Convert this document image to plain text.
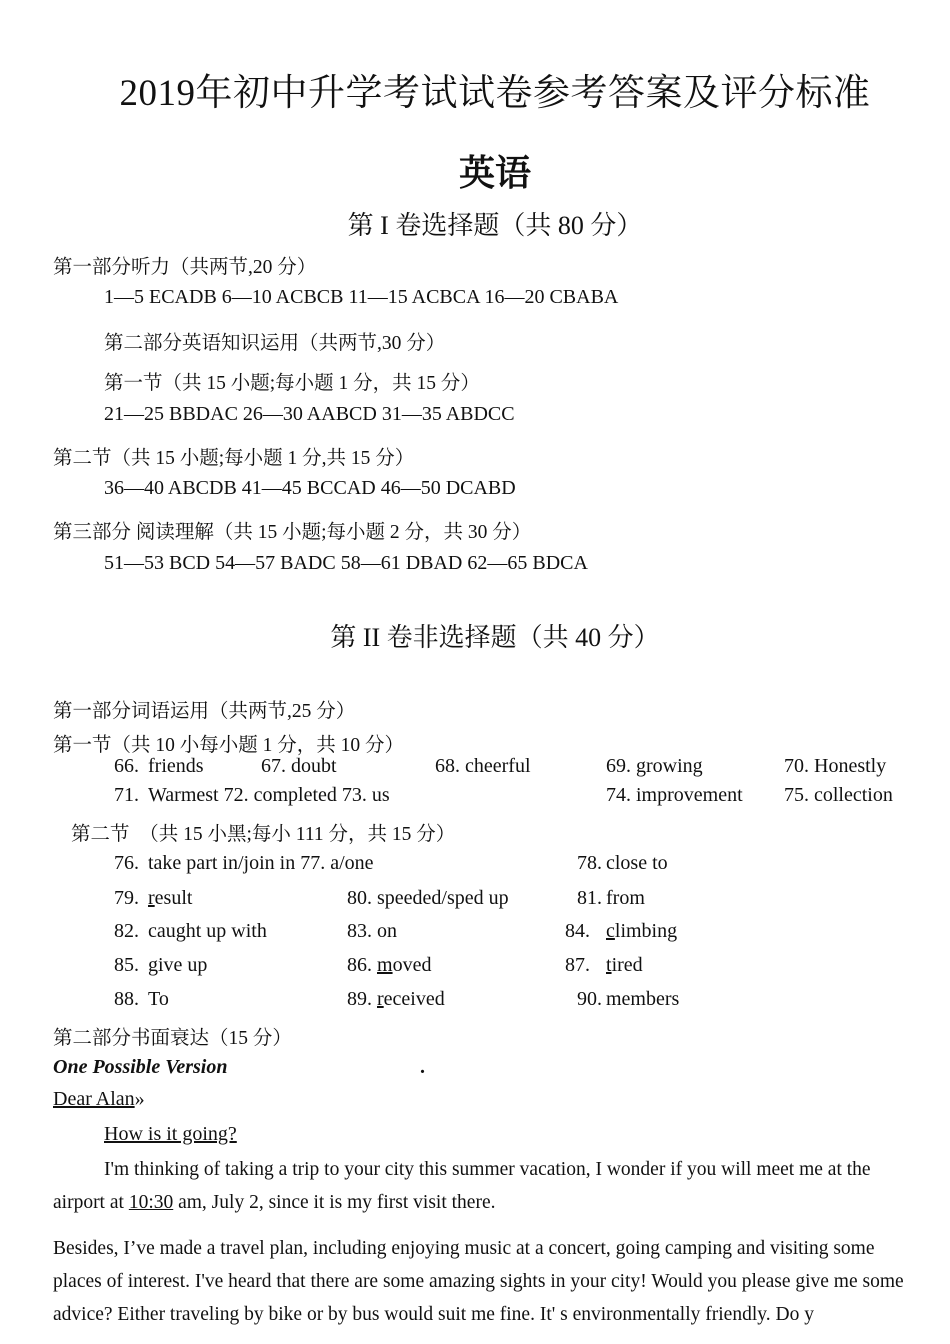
2019年初中升学考试试卷参考答案及评分标准
英语
第 I 卷选择题（共 80 分）
第一部分听力（共两节,20 分）
1—5 ECADB 6—10 ACBCB 11—15 ACBCA 16—20 CBABA
第二部分英语知识运用（共两节,30 分）
第一节（共 15 小题;每小题 1 分，共 15 分）
21—25 BBDAC 26—30 AABCD 31—35 ABDCC
第二节（共 15 小题;每小题 1 分,共 15 分）
36—40 ABCDB 41—45 BCCAD 46—50 DCABD
第三部分 阅读理解（共 15 小题;每小题 2 分，共 30 分）
51—53 BCD 54—57 BADC 58—61 DBAD 62—65 BDCA
第 II 卷非选择题（共 40 分）
第一部分词语运用（共两节,25 分）
第一节（共 10 小每小题 1 分，共 10 分）
66. friends	67. doubt	68. cheerful	69. growing	70. Honestly
71. Warmest 72. completed 73. us	74. improvement 75. collection
第二节　（共 15 小黑;每小 111 分，共 15 分）
76. take part in/join in 77. a/one	78. close to
79. result	80. speeded/sped up	81. from
82. caught up with	83. on	84. climbing
85. give up	86. moved	87. tired
88. To	89. received	90. members
第二部分书面衰达（15 分）
One Possible Version	.
Dear Alan»
How is it going?
I'm thinking of taking a trip to your city this summer vacation, I wonder if you will meet me at the airport at 10:30 am, July 2, since it is my first visit there.
Besides, I’ve made a travel plan, including enjoying music at a concert, going camping and visiting some places of interest. I've heard that there are some amazing sights in your city! Would you please give me some advice? Either traveling by bike or by bus would suit me fine. It' s environmentally friendly. Do y
